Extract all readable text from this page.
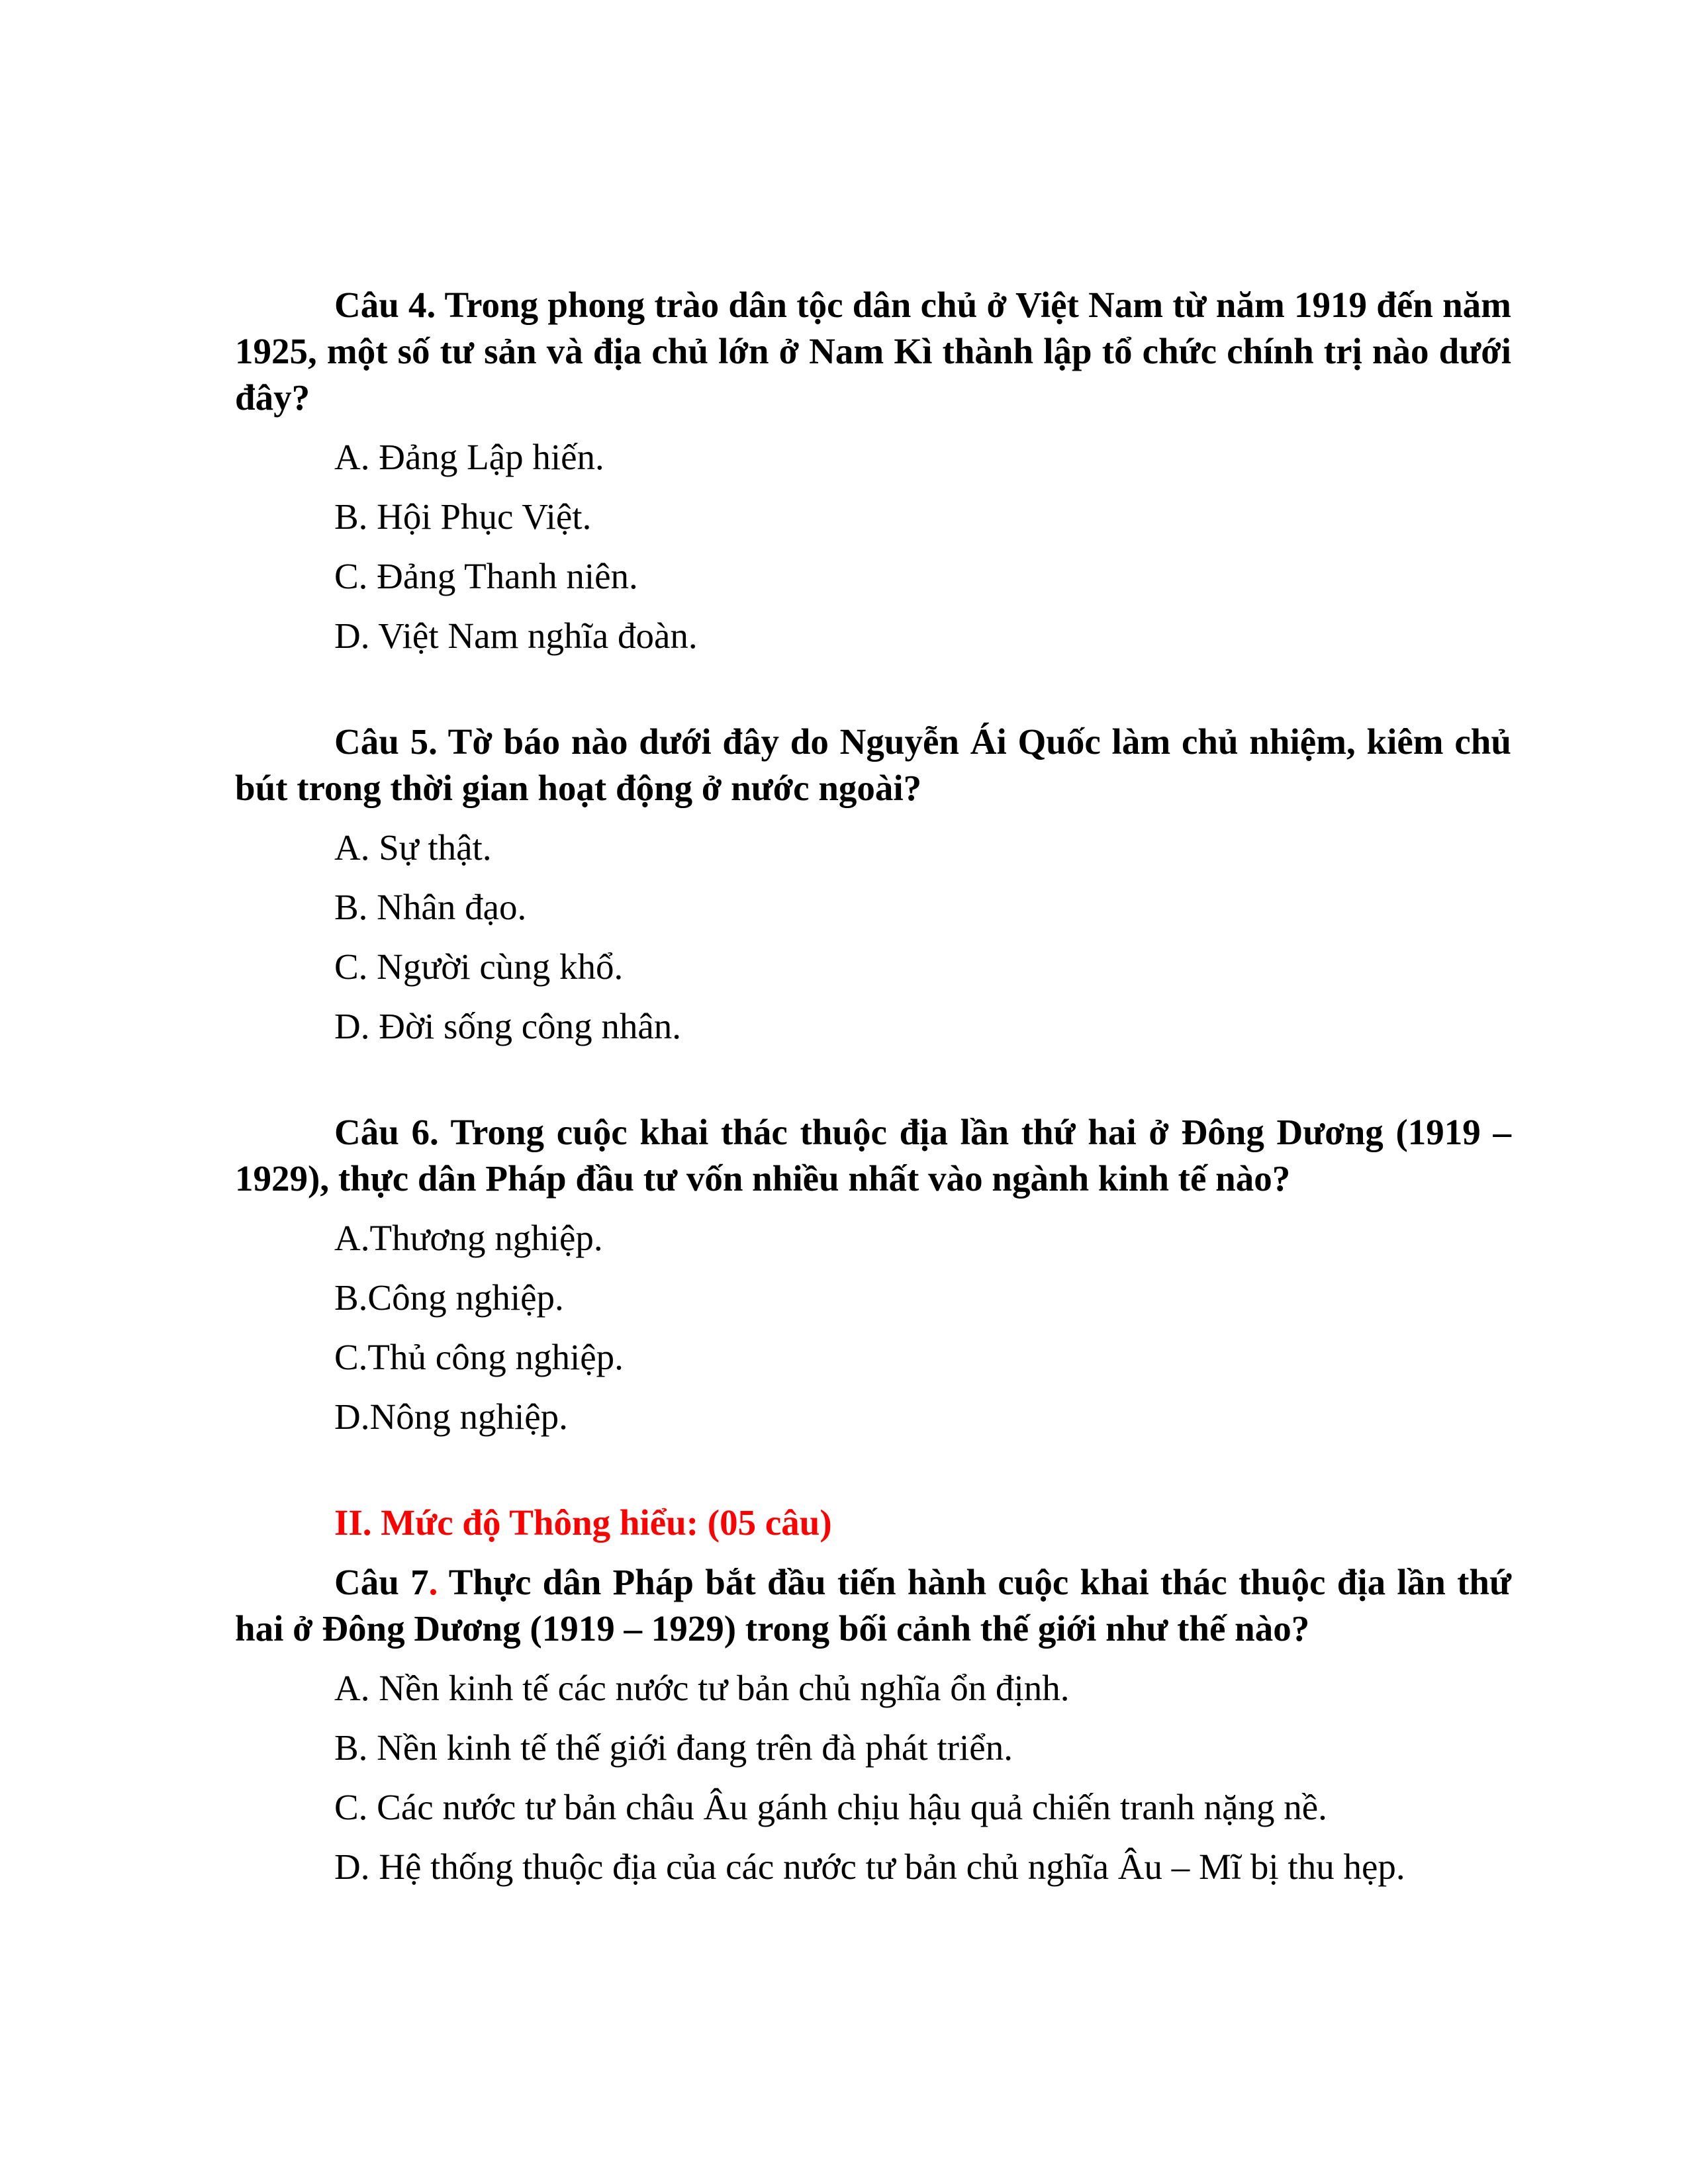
Câu 4. Trong phong trào dân tộc dân chủ ở Việt Nam từ năm 1919 đến năm 1925, một số tư sản và địa chủ lớn ở Nam Kì thành lập tổ chức chính trị nào dưới đây?

A. Đảng Lập hiến.

B. Hội Phục Việt.

C. Đảng Thanh niên.

D. Việt Nam nghĩa đoàn.

Câu 5. Tờ báo nào dưới đây do Nguyễn Ái Quốc làm chủ nhiệm, kiêm chủ bút trong thời gian hoạt động ở nước ngoài?

A. Sự thật.

B. Nhân đạo.

C. Người cùng khổ.

D. Đời sống công nhân.

Câu 6. Trong cuộc khai thác thuộc địa lần thứ hai ở Đông Dương (1919 – 1929), thực dân Pháp đầu tư vốn nhiều nhất vào ngành kinh tế nào?

A.Thương nghiệp.

B.Công nghiệp.

C.Thủ công nghiệp.

D.Nông nghiệp.

II. Mức độ Thông hiểu: (05 câu)

Câu 7. Thực dân Pháp bắt đầu tiến hành cuộc khai thác thuộc địa lần thứ hai ở Đông Dương (1919 – 1929) trong bối cảnh thế giới như thế nào?

A. Nền kinh tế các nước tư bản chủ nghĩa ổn định.

B. Nền kinh tế thế giới đang trên đà phát triển.

C. Các nước tư bản châu Âu gánh chịu hậu quả chiến tranh nặng nề.

D. Hệ thống thuộc địa của các nước tư bản chủ nghĩa Âu – Mĩ bị thu hẹp.
